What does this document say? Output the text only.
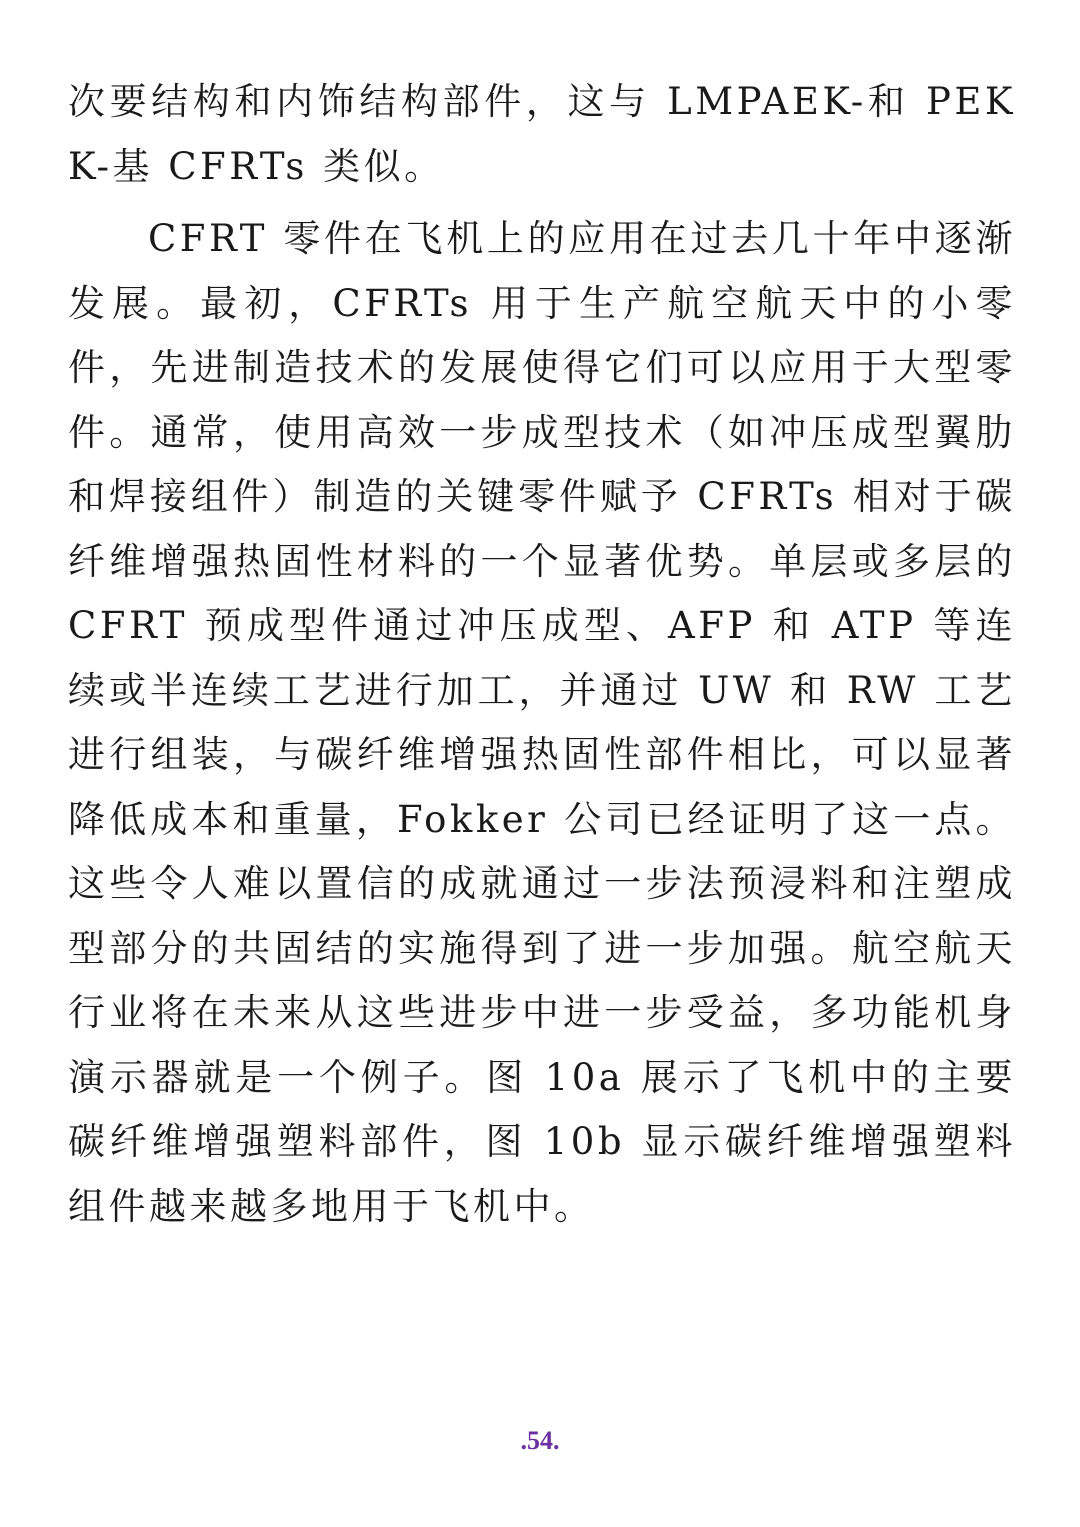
次要结构和内饰结构部件，这与 LMPAEK-和 PEKK-基 CFRTs 类似。

CFRT 零件在飞机上的应用在过去几十年中逐渐发展。最初，CFRTs 用于生产航空航天中的小零件，先进制造技术的发展使得它们可以应用于大型零件。通常，使用高效一步成型技术（如冲压成型翼肋和焊接组件）制造的关键零件赋予 CFRTs 相对于碳纤维增强热固性材料的一个显著优势。单层或多层的 CFRT 预成型件通过冲压成型、AFP 和 ATP 等连续或半连续工艺进行加工，并通过 UW 和 RW 工艺进行组装，与碳纤维增强热固性部件相比，可以显著降低成本和重量，Fokker 公司已经证明了这一点。这些令人难以置信的成就通过一步法预浸料和注塑成型部分的共固结的实施得到了进一步加强。航空航天行业将在未来从这些进步中进一步受益，多功能机身演示器就是一个例子。图 10a 展示了飞机中的主要碳纤维增强塑料部件，图 10b 显示碳纤维增强塑料组件越来越多地用于飞机中。

.54.
